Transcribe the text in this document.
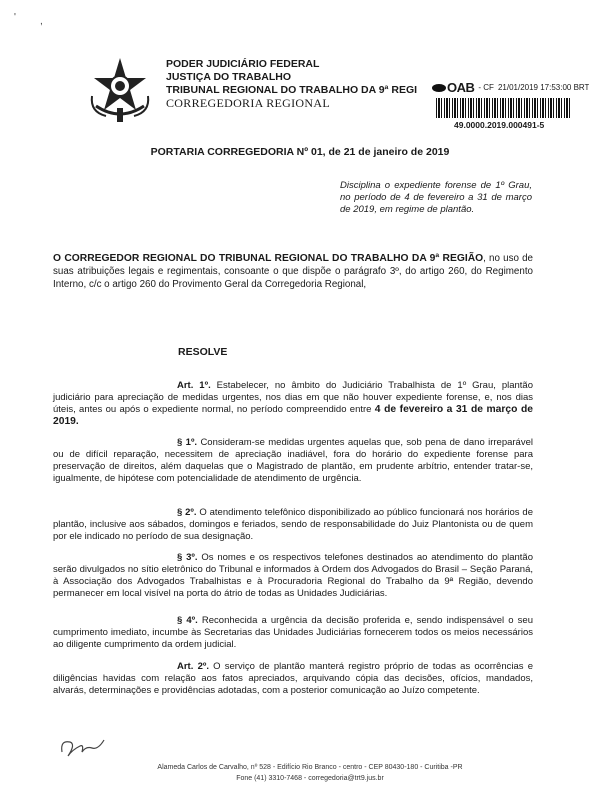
' ,
PODER JUDICIÁRIO FEDERAL
JUSTIÇA DO TRABALHO
TRIBUNAL REGIONAL DO TRABALHO DA 9ª REGI
CORREGEDORIA REGIONAL
OAB - CF 21/01/2019 17:53:00 BRT
49.0000.2019.000491-5
PORTARIA CORREGEDORIA Nº 01, de 21 de janeiro de 2019
Disciplina o expediente forense de 1º Grau, no período de 4 de fevereiro a 31 de março de 2019, em regime de plantão.
O CORREGEDOR REGIONAL DO TRIBUNAL REGIONAL DO TRABALHO DA 9ª REGIÃO, no uso de suas atribuições legais e regimentais, consoante o que dispõe o parágrafo 3º, do artigo 260, do Regimento Interno, c/c o artigo 260 do Provimento Geral da Corregedoria Regional,
RESOLVE
Art. 1º. Estabelecer, no âmbito do Judiciário Trabalhista de 1º Grau, plantão judiciário para apreciação de medidas urgentes, nos dias em que não houver expediente forense, e, nos dias úteis, antes ou após o expediente normal, no período compreendido entre 4 de fevereiro a 31 de março de 2019.
§ 1º. Consideram-se medidas urgentes aquelas que, sob pena de dano irreparável ou de difícil reparação, necessitem de apreciação inadiável, fora do horário do expediente forense para preservação de direitos, além daquelas que o Magistrado de plantão, em prudente arbítrio, entender tratar-se, igualmente, de hipótese com potencialidade de atendimento de urgência.
§ 2º. O atendimento telefônico disponibilizado ao público funcionará nos horários de plantão, inclusive aos sábados, domingos e feriados, sendo de responsabilidade do Juiz Plantonista ou de quem por ele indicado no período de sua designação.
§ 3º. Os nomes e os respectivos telefones destinados ao atendimento do plantão serão divulgados no sítio eletrônico do Tribunal e informados à Ordem dos Advogados do Brasil – Seção Paraná, à Associação dos Advogados Trabalhistas e à Procuradoria Regional do Trabalho da 9ª Região, devendo permanecer em local visível na porta do átrio de todas as Unidades Judiciárias.
§ 4º. Reconhecida a urgência da decisão proferida e, sendo indispensável o seu cumprimento imediato, incumbe às Secretarias das Unidades Judiciárias fornecerem todos os meios necessários ao diligente cumprimento da ordem judicial.
Art. 2º. O serviço de plantão manterá registro próprio de todas as ocorrências e diligências havidas com relação aos fatos apreciados, arquivando cópia das decisões, ofícios, mandados, alvarás, determinações e providências adotadas, com a posterior comunicação ao Juízo competente.
Alameda Carlos de Carvalho, nº 528 - Edifício Rio Branco - centro - CEP 80430-180 - Curitiba -PR
Fone (41) 3310-7468 - corregedoria@trt9.jus.br
